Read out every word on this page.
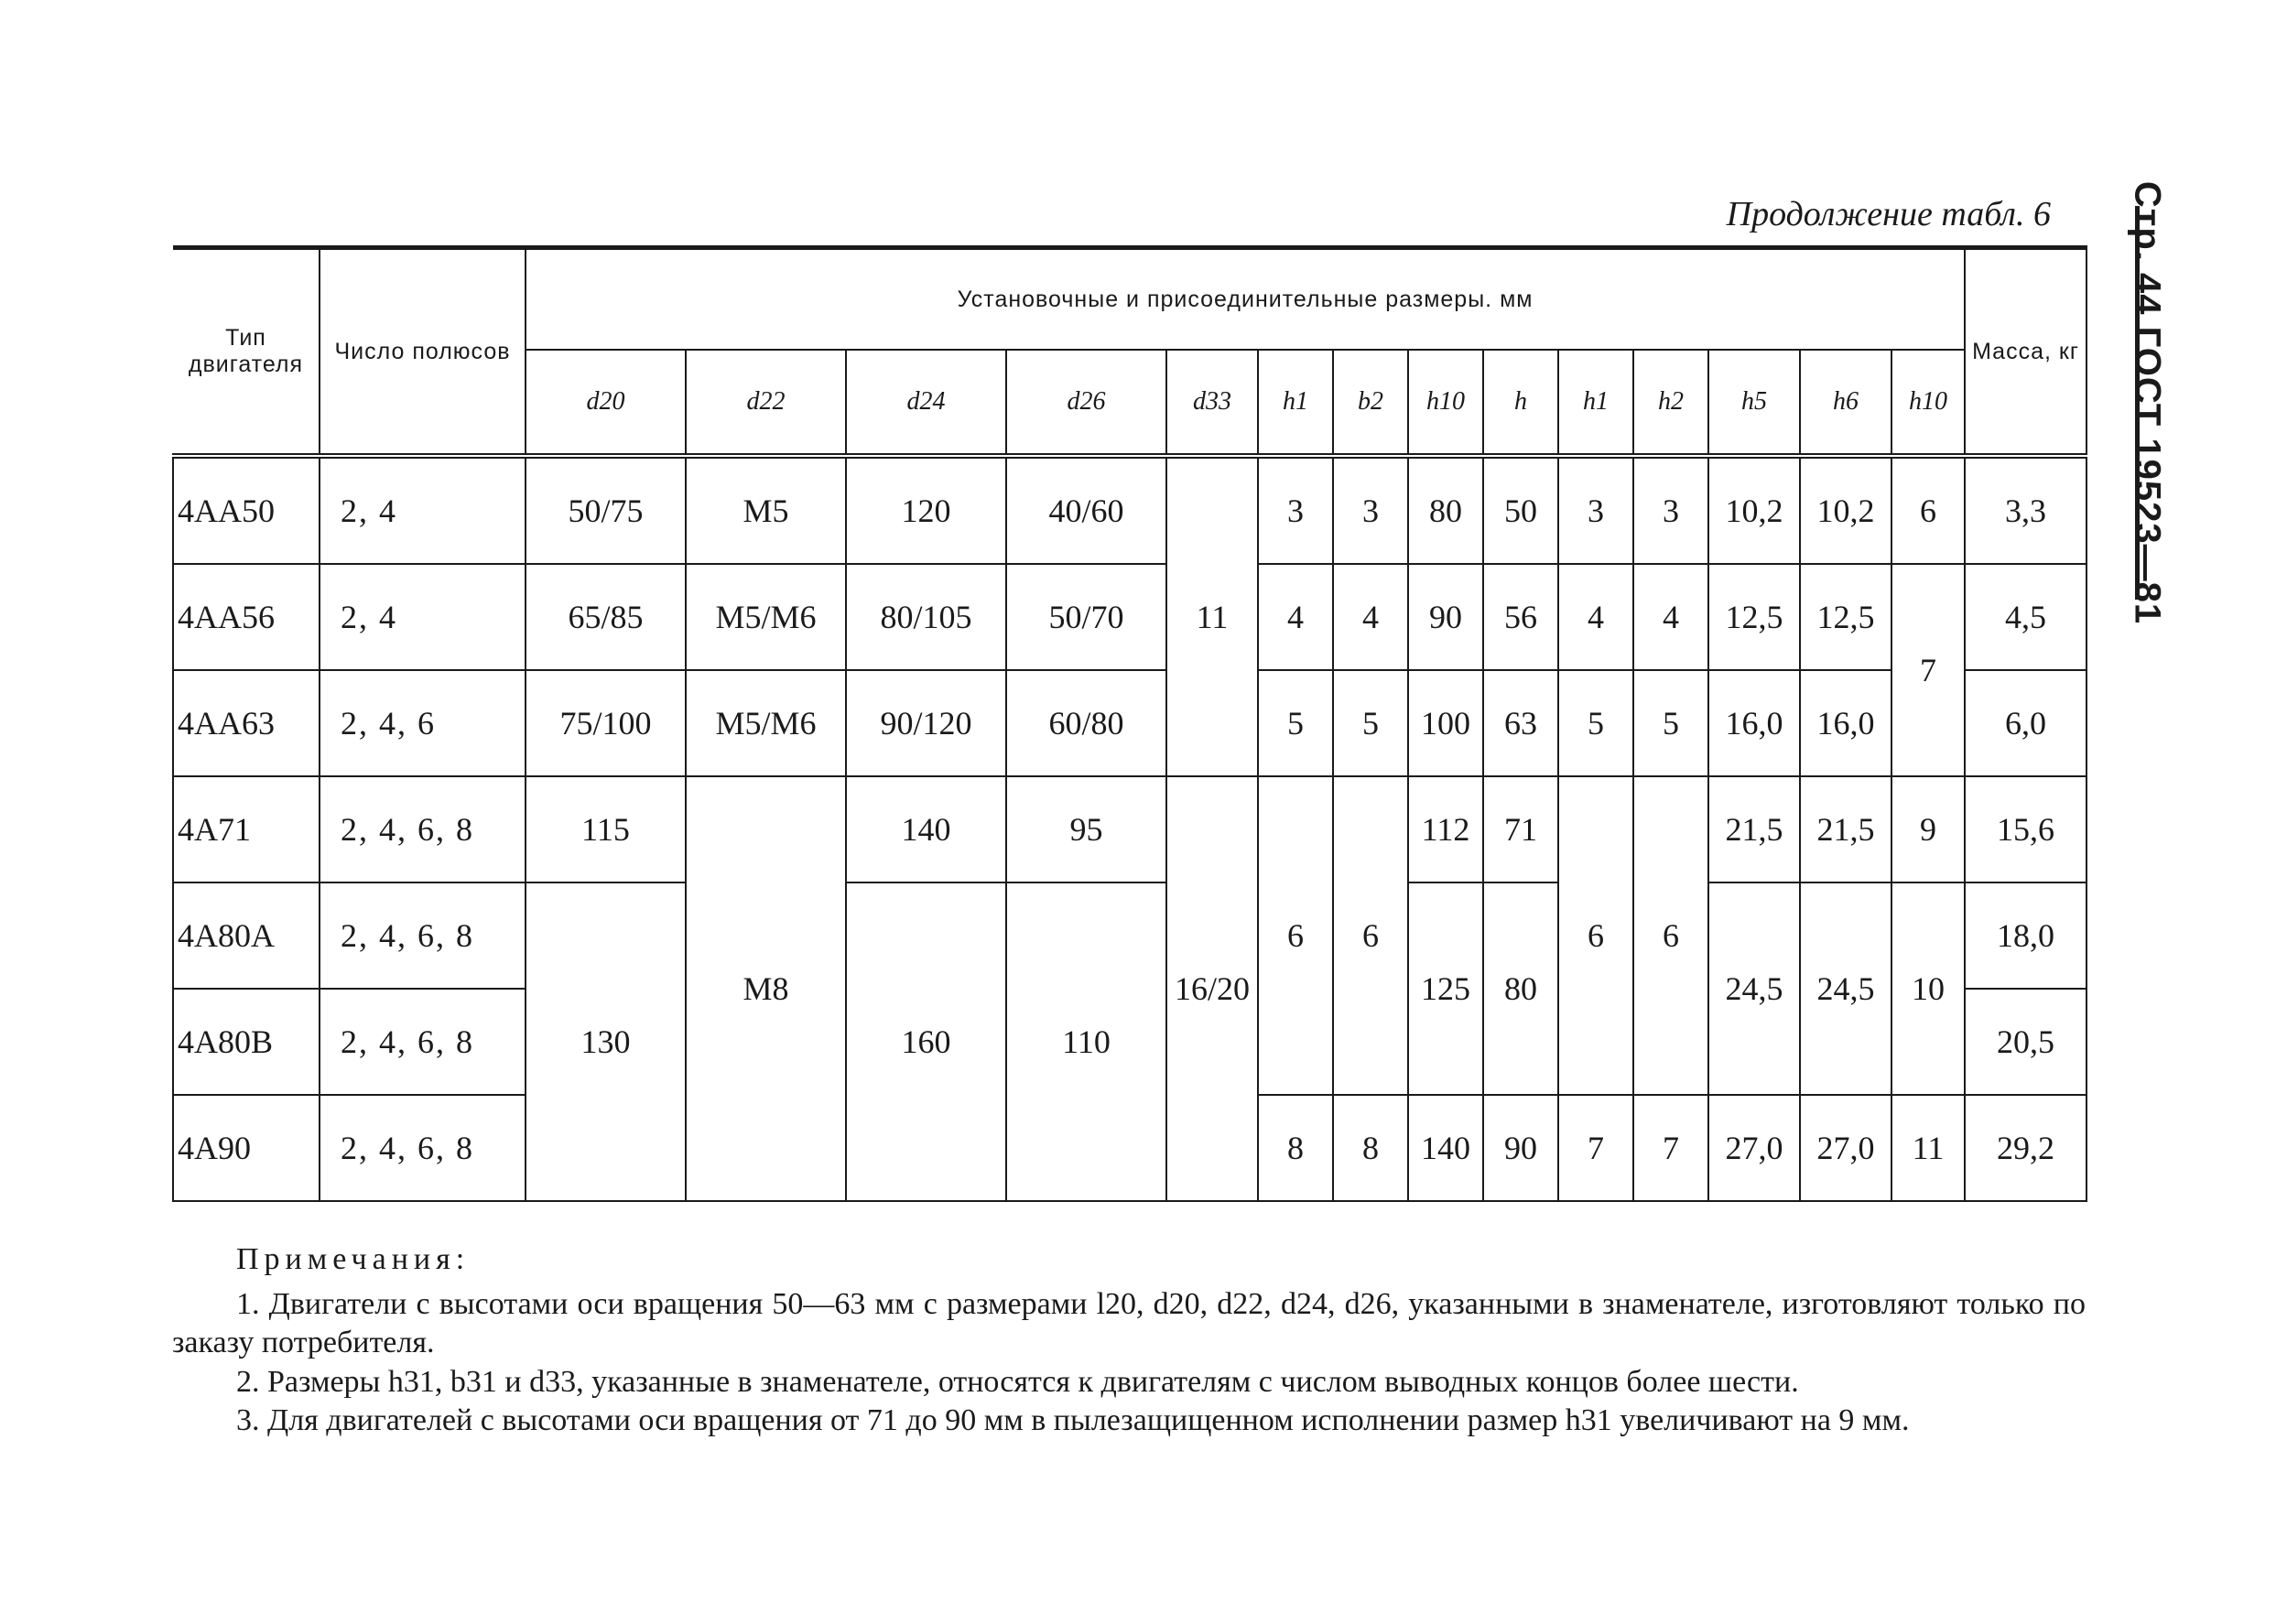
Стр. 44 ГОСТ 19523—81
Продолжение табл. 6
Тип двигателя	Число полюсов	Установочные и присоединительные размеры. мм														Масса, кг
		d20	d22	d24	d26	d33	h1	b2	h10	h	h1	h2	h5	h6	h10	
4АА50	2, 4	50/75	M5	120	40/60	11	3	3	80	50	3	3	10,2	10,2	6	3,3
4АА56	2, 4	65/85	M5/M6	80/105	50/70		4	4	90	56	4	4	12,5	12,5	7	4,5
4АА63	2, 4, 6	75/100	M5/M6	90/120	60/80		5	5	100	63	5	5	16,0	16,0		6,0
4А71	2, 4, 6, 8	115	M8	140	95	16/20	6	6	112	71	6	6	21,5	21,5	9	15,6
4А80А	2, 4, 6, 8	130		160	110				125	80			24,5	24,5	10	18,0
4А80В	2, 4, 6, 8															20,5
4А90	2, 4, 6, 8						8	8	140	90	7	7	27,0	27,0	11	29,2

Примечания:

1. Двигатели с высотами оси вращения 50—63 мм с размерами l20, d20, d22, d24, d26, указанными в знаменателе, изготовляют только по заказу потребителя.

2. Размеры h31, b31 и d33, указанные в знаменателе, относятся к двигателям с числом выводных концов более шести.

3. Для двигателей с высотами оси вращения от 71 до 90 мм в пылезащищенном исполнении размер h31 увеличивают на 9 мм.
